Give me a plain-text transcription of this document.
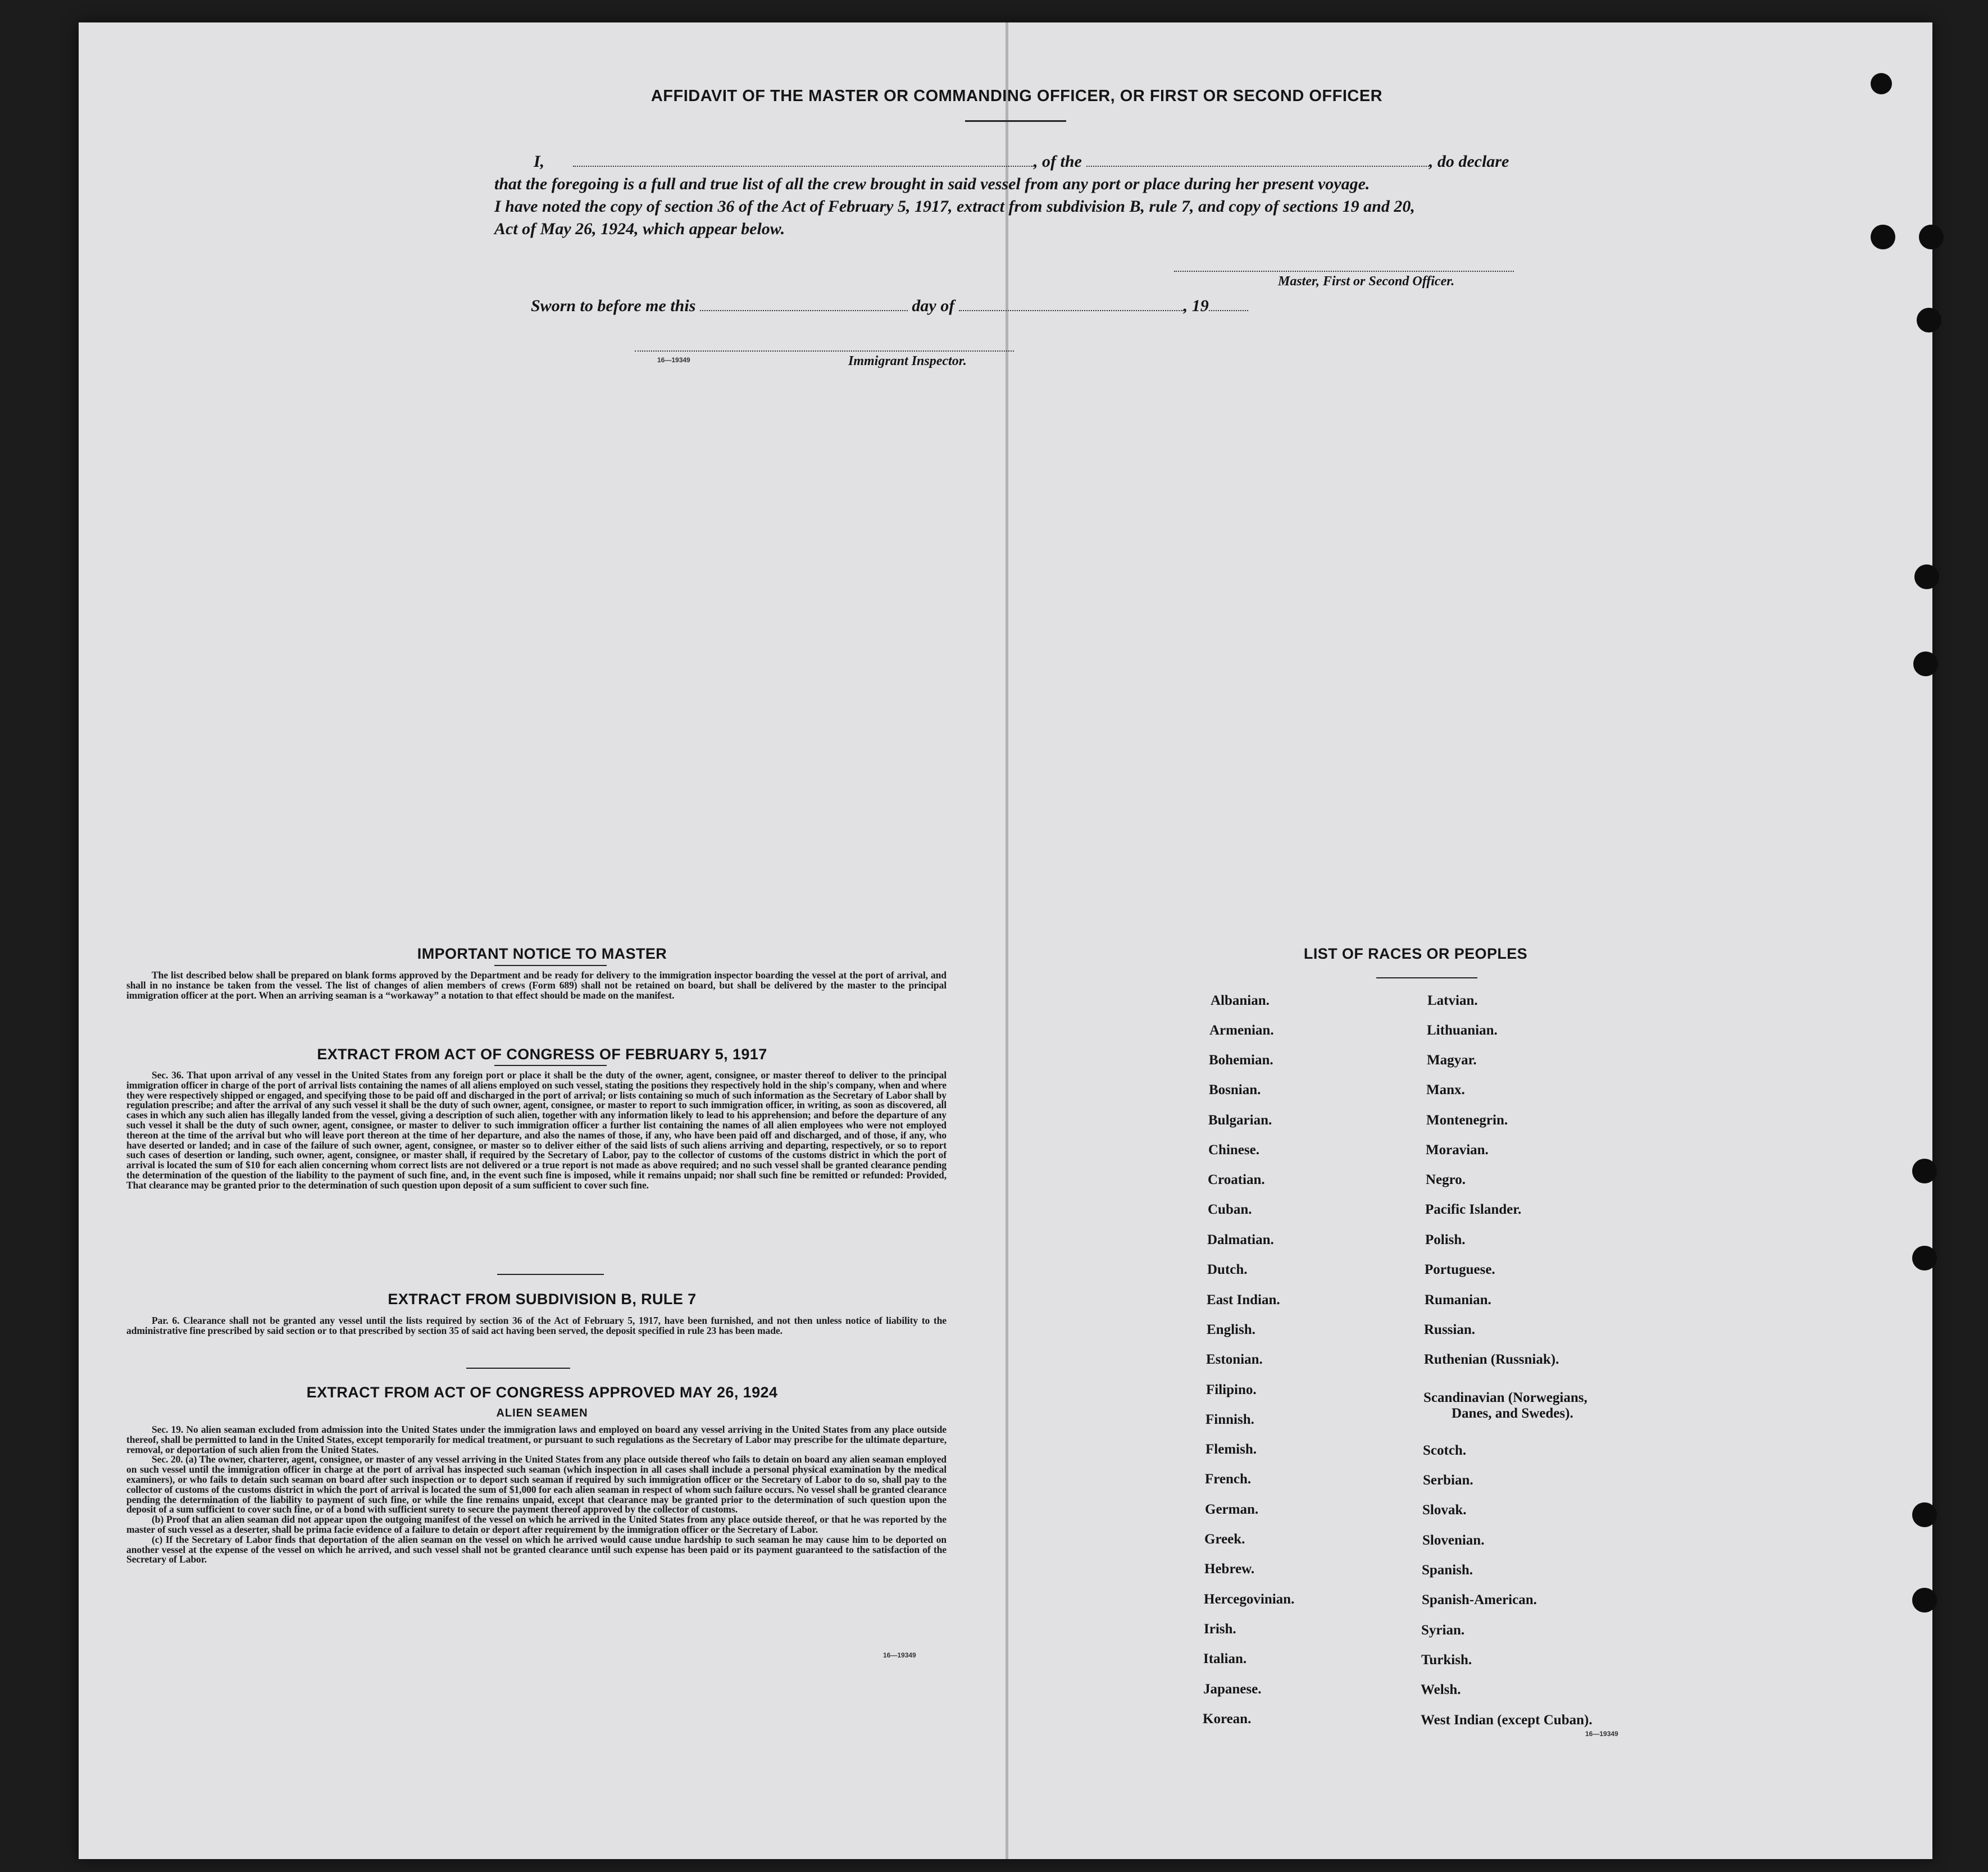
AFFIDAVIT OF THE MASTER OR COMMANDING OFFICER, OR FIRST OR SECOND OFFICER
I,	, of the	, do declare
that the foregoing is a full and true list of all the crew brought in said vessel from any port or place during her present voyage.
I have noted the copy of section 36 of the Act of February 5, 1917, extract from subdivision B, rule 7, and copy of sections 19 and 20,
Act of May 26, 1924, which appear below.
Master, First or Second Officer.
Sworn to before me this	day of	, 19
16—19349	Immigrant Inspector.
IMPORTANT NOTICE TO MASTER

The list described below shall be prepared on blank forms approved by the Department and be ready for delivery to the immigration inspector boarding the vessel at the port of arrival, and shall in no instance be taken from the vessel. The list of changes of alien members of crews (Form 689) shall not be retained on board, but shall be delivered by the master to the principal immigration officer at the port. When an arriving seaman is a “workaway” a notation to that effect should be made on the manifest.

EXTRACT FROM ACT OF CONGRESS OF FEBRUARY 5, 1917

Sec. 36. That upon arrival of any vessel in the United States from any foreign port or place it shall be the duty of the owner, agent, consignee, or master thereof to deliver to the principal immigration officer in charge of the port of arrival lists containing the names of all aliens employed on such vessel, stating the positions they respectively hold in the ship's company, when and where they were respectively shipped or engaged, and specifying those to be paid off and discharged in the port of arrival; or lists containing so much of such information as the Secretary of Labor shall by regulation prescribe; and after the arrival of any such vessel it shall be the duty of such owner, agent, consignee, or master to report to such immigration officer, in writing, as soon as discovered, all cases in which any such alien has illegally landed from the vessel, giving a description of such alien, together with any information likely to lead to his apprehension; and before the departure of any such vessel it shall be the duty of such owner, agent, consignee, or master to deliver to such immigration officer a further list containing the names of all alien employees who were not employed thereon at the time of the arrival but who will leave port thereon at the time of her departure, and also the names of those, if any, who have been paid off and discharged, and of those, if any, who have deserted or landed; and in case of the failure of such owner, agent, consignee, or master so to deliver either of the said lists of such aliens arriving and departing, respectively, or so to report such cases of desertion or landing, such owner, agent, consignee, or master shall, if required by the Secretary of Labor, pay to the collector of customs of the customs district in which the port of arrival is located the sum of $10 for each alien concerning whom correct lists are not delivered or a true report is not made as above required; and no such vessel shall be granted clearance pending the determination of the question of the liability to the payment of such fine, and, in the event such fine is imposed, while it remains unpaid; nor shall such fine be remitted or refunded: Provided, That clearance may be granted prior to the determination of such question upon deposit of a sum sufficient to cover such fine.

EXTRACT FROM SUBDIVISION B, RULE 7

Par. 6. Clearance shall not be granted any vessel until the lists required by section 36 of the Act of February 5, 1917, have been furnished, and not then unless notice of liability to the administrative fine prescribed by said section or to that prescribed by section 35 of said act having been served, the deposit specified in rule 23 has been made.

EXTRACT FROM ACT OF CONGRESS APPROVED MAY 26, 1924
ALIEN SEAMEN

Sec. 19. No alien seaman excluded from admission into the United States under the immigration laws and employed on board any vessel arriving in the United States from any place outside thereof, shall be permitted to land in the United States, except temporarily for medical treatment, or pursuant to such regulations as the Secretary of Labor may prescribe for the ultimate departure, removal, or deportation of such alien from the United States.

Sec. 20. (a) The owner, charterer, agent, consignee, or master of any vessel arriving in the United States from any place outside thereof who fails to detain on board any alien seaman employed on such vessel until the immigration officer in charge at the port of arrival has inspected such seaman (which inspection in all cases shall include a personal physical examination by the medical examiners), or who fails to detain such seaman on board after such inspection or to deport such seaman if required by such immigration officer or the Secretary of Labor to do so, shall pay to the collector of customs of the customs district in which the port of arrival is located the sum of $1,000 for each alien seaman in respect of whom such failure occurs. No vessel shall be granted clearance pending the determination of the liability to payment of such fine, or while the fine remains unpaid, except that clearance may be granted prior to the determination of such question upon the deposit of a sum sufficient to cover such fine, or of a bond with sufficient surety to secure the payment thereof approved by the collector of customs.

(b) Proof that an alien seaman did not appear upon the outgoing manifest of the vessel on which he arrived in the United States from any place outside thereof, or that he was reported by the master of such vessel as a deserter, shall be prima facie evidence of a failure to detain or deport after requirement by the immigration officer or the Secretary of Labor.

(c) If the Secretary of Labor finds that deportation of the alien seaman on the vessel on which he arrived would cause undue hardship to such seaman he may cause him to be deported on another vessel at the expense of the vessel on which he arrived, and such vessel shall not be granted clearance until such expense has been paid or its payment guaranteed to the satisfaction of the Secretary of Labor.

16—19349
LIST OF RACES OR PEOPLES
Albanian.
Armenian.
Bohemian.
Bosnian.
Bulgarian.
Chinese.
Croatian.
Cuban.
Dalmatian.
Dutch.
East Indian.
English.
Estonian.
Filipino.
Finnish.
Flemish.
French.
German.
Greek.
Hebrew.
Hercegovinian.
Irish.
Italian.
Japanese.
Korean.
Latvian.
Lithuanian.
Magyar.
Manx.
Montenegrin.
Moravian.
Negro.
Pacific Islander.
Polish.
Portuguese.
Rumanian.
Russian.
Ruthenian (Russniak).
Scandinavian (Norwegians,
Danes, and Swedes).
Scotch.
Serbian.
Slovak.
Slovenian.
Spanish.
Spanish-American.
Syrian.
Turkish.
Welsh.
West Indian (except Cuban).
16—19349
